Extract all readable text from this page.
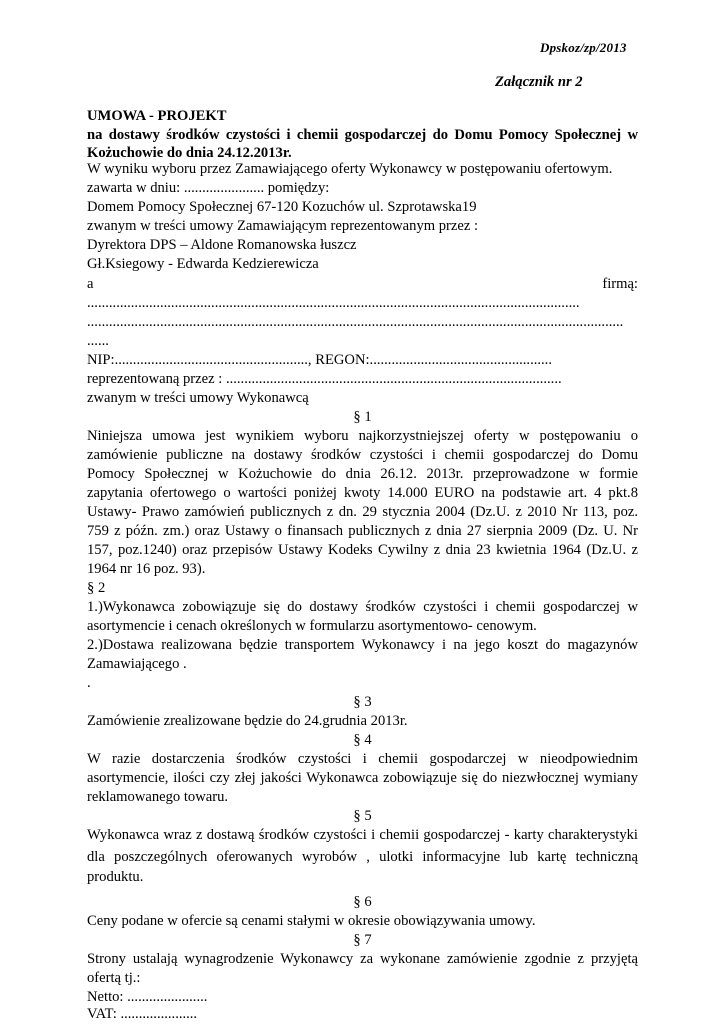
Dpskoz/zp/2013
Załącznik nr 2
UMOWA - PROJEKT
na dostawy środków czystości i chemii gospodarczej do Domu Pomocy Społecznej w
Kożuchowie do dnia 24.12.2013r.
W wyniku wyboru przez Zamawiającego oferty Wykonawcy w postępowaniu ofertowym.
zawarta w dniu: ...................... pomiędzy:
Domem Pomocy Społecznej 67-120 Kozuchów ul. Szprotawska19
zwanym w treści umowy Zamawiającym reprezentowanym przez :
Dyrektora DPS – Aldone Romanowska łuszcz
Gł.Ksiegowy - Edwarda Kedzierewicza
a	firmą:
.......................................................................................................................................
...................................................................................................................................................
......
NIP:....................................................., REGON:..................................................
reprezentowaną przez : ............................................................................................
zwanym w treści umowy Wykonawcą
§ 1
Niniejsza umowa jest wynikiem wyboru najkorzystniejszej oferty w postępowaniu o
zamówienie publiczne na dostawy środków czystości i chemii gospodarczej do Domu
Pomocy Społecznej w Kożuchowie do dnia 26.12. 2013r. przeprowadzone w formie
zapytania ofertowego o wartości poniżej kwoty 14.000 EURO na podstawie art. 4 pkt.8
Ustawy- Prawo zamówień publicznych z dn. 29 stycznia 2004 (Dz.U. z 2010 Nr 113, poz.
759 z późn. zm.) oraz Ustawy o finansach publicznych z dnia 27 sierpnia 2009 (Dz. U. Nr
157, poz.1240) oraz przepisów Ustawy Kodeks Cywilny z dnia 23 kwietnia 1964 (Dz.U. z
1964 nr 16 poz. 93).
§ 2
1.)Wykonawca zobowiązuje się do dostawy środków czystości i chemii gospodarczej w
asortymencie i cenach określonych w formularzu asortymentowo- cenowym.
2.)Dostawa realizowana będzie transportem Wykonawcy i na jego koszt do magazynów
Zamawiającego .
.
§ 3
Zamówienie zrealizowane będzie do 24.grudnia 2013r.
§ 4
W razie dostarczenia środków czystości i chemii gospodarczej w nieodpowiednim
asortymencie, ilości czy złej jakości Wykonawca zobowiązuje się do niezwłocznej wymiany
reklamowanego towaru.
§ 5
Wykonawca wraz z dostawą środków czystości i chemii gospodarczej - karty charakterystyki
dla poszczególnych oferowanych wyrobów , ulotki informacyjne lub kartę techniczną
produktu.
§ 6
Ceny podane w ofercie są cenami stałymi w okresie obowiązywania umowy.
§ 7
Strony ustalają wynagrodzenie Wykonawcy za wykonane zamówienie zgodnie z przyjętą
ofertą tj.:
Netto: ......................
VAT: .....................
